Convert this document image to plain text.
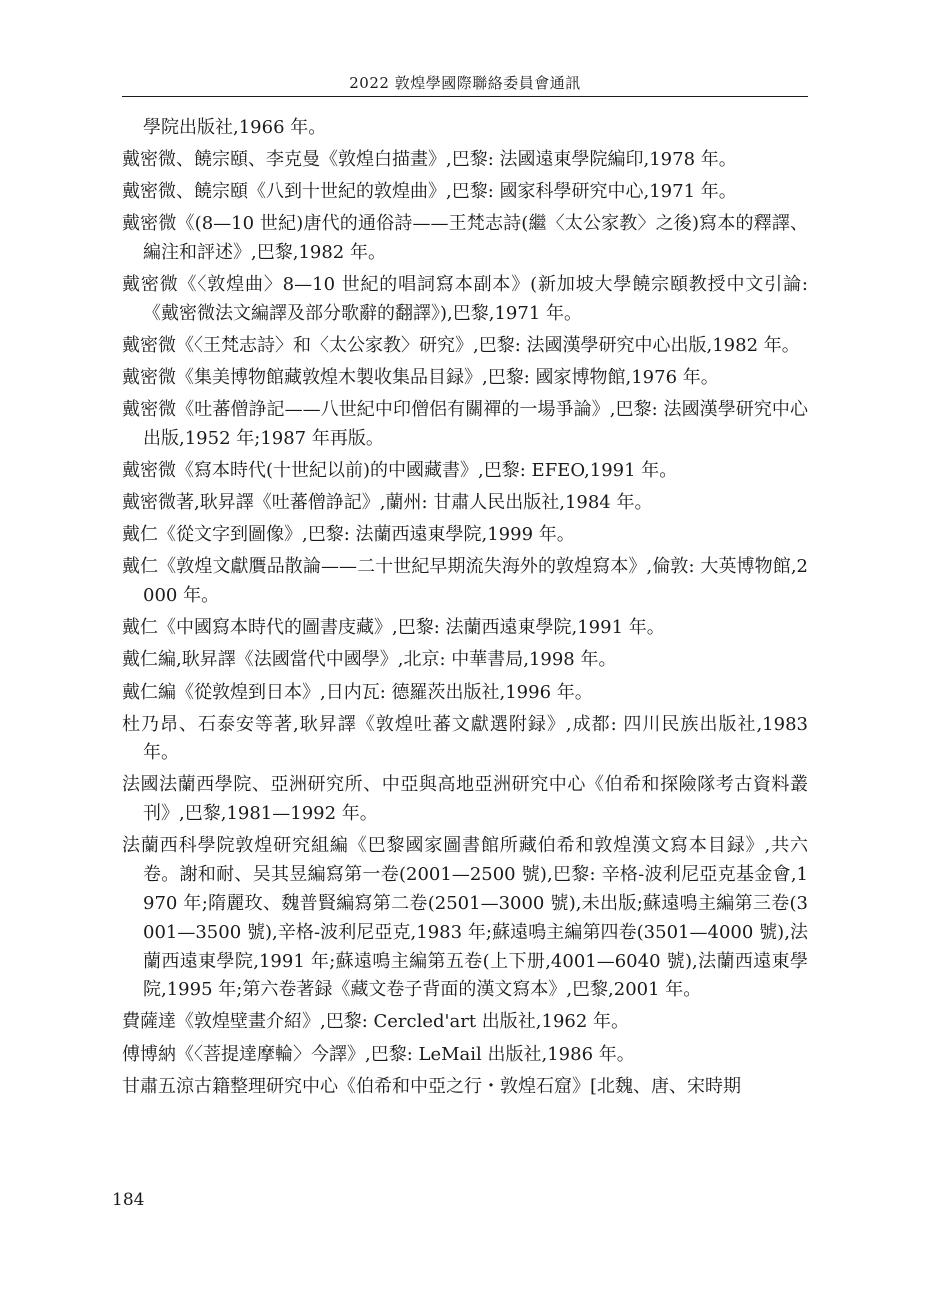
2022 敦煌學國際聯絡委員會通訊
學院出版社,1966 年。
戴密微、饒宗頤、李克曼《敦煌白描畫》,巴黎: 法國遠東學院編印,1978 年。
戴密微、饒宗頤《八到十世紀的敦煌曲》,巴黎: 國家科學研究中心,1971 年。
戴密微《(8—10 世紀)唐代的通俗詩——王梵志詩(繼〈太公家教〉之後)寫本的釋譯、編注和評述》,巴黎,1982 年。
戴密微《〈敦煌曲〉8—10 世紀的唱詞寫本副本》(新加坡大學饒宗頤教授中文引論:《戴密微法文編譯及部分歌辭的翻譯》),巴黎,1971 年。
戴密微《〈王梵志詩〉和〈太公家教〉研究》,巴黎: 法國漢學研究中心出版,1982 年。
戴密微《集美博物館藏敦煌木製收集品目録》,巴黎: 國家博物館,1976 年。
戴密微《吐蕃僧諍記——八世紀中印僧侶有關禪的一場爭論》,巴黎: 法國漢學研究中心出版,1952 年;1987 年再版。
戴密微《寫本時代(十世紀以前)的中國藏書》,巴黎: EFEO,1991 年。
戴密微著,耿昇譯《吐蕃僧諍記》,蘭州: 甘肅人民出版社,1984 年。
戴仁《從文字到圖像》,巴黎: 法蘭西遠東學院,1999 年。
戴仁《敦煌文獻贋品散論——二十世紀早期流失海外的敦煌寫本》,倫敦: 大英博物館,2000 年。
戴仁《中國寫本時代的圖書庋藏》,巴黎: 法蘭西遠東學院,1991 年。
戴仁編,耿昇譯《法國當代中國學》,北京: 中華書局,1998 年。
戴仁編《從敦煌到日本》,日内瓦: 德羅茨出版社,1996 年。
杜乃昂、石泰安等著,耿昇譯《敦煌吐蕃文獻選附録》,成都: 四川民族出版社,1983 年。
法國法蘭西學院、亞洲研究所、中亞與高地亞洲研究中心《伯希和探險隊考古資料叢刊》,巴黎,1981—1992 年。
法蘭西科學院敦煌研究組編《巴黎國家圖書館所藏伯希和敦煌漢文寫本目録》,共六卷。謝和耐、吴其昱編寫第一卷(2001—2500 號),巴黎: 辛格-波利尼亞克基金會,1970 年;隋麗玫、魏普賢編寫第二卷(2501—3000 號),未出版;蘇遠鳴主編第三卷(3001—3500 號),辛格-波利尼亞克,1983 年;蘇遠鳴主編第四卷(3501—4000 號),法蘭西遠東學院,1991 年;蘇遠鳴主編第五卷(上下册,4001—6040 號),法蘭西遠東學院,1995 年;第六卷著録《藏文卷子背面的漢文寫本》,巴黎,2001 年。
費薩達《敦煌壁畫介紹》,巴黎: Cercled'art 出版社,1962 年。
傅博納《〈菩提達摩輪〉今譯》,巴黎: LeMail 出版社,1986 年。
甘肅五涼古籍整理研究中心《伯希和中亞之行・敦煌石窟》[北魏、唐、宋時期
184
